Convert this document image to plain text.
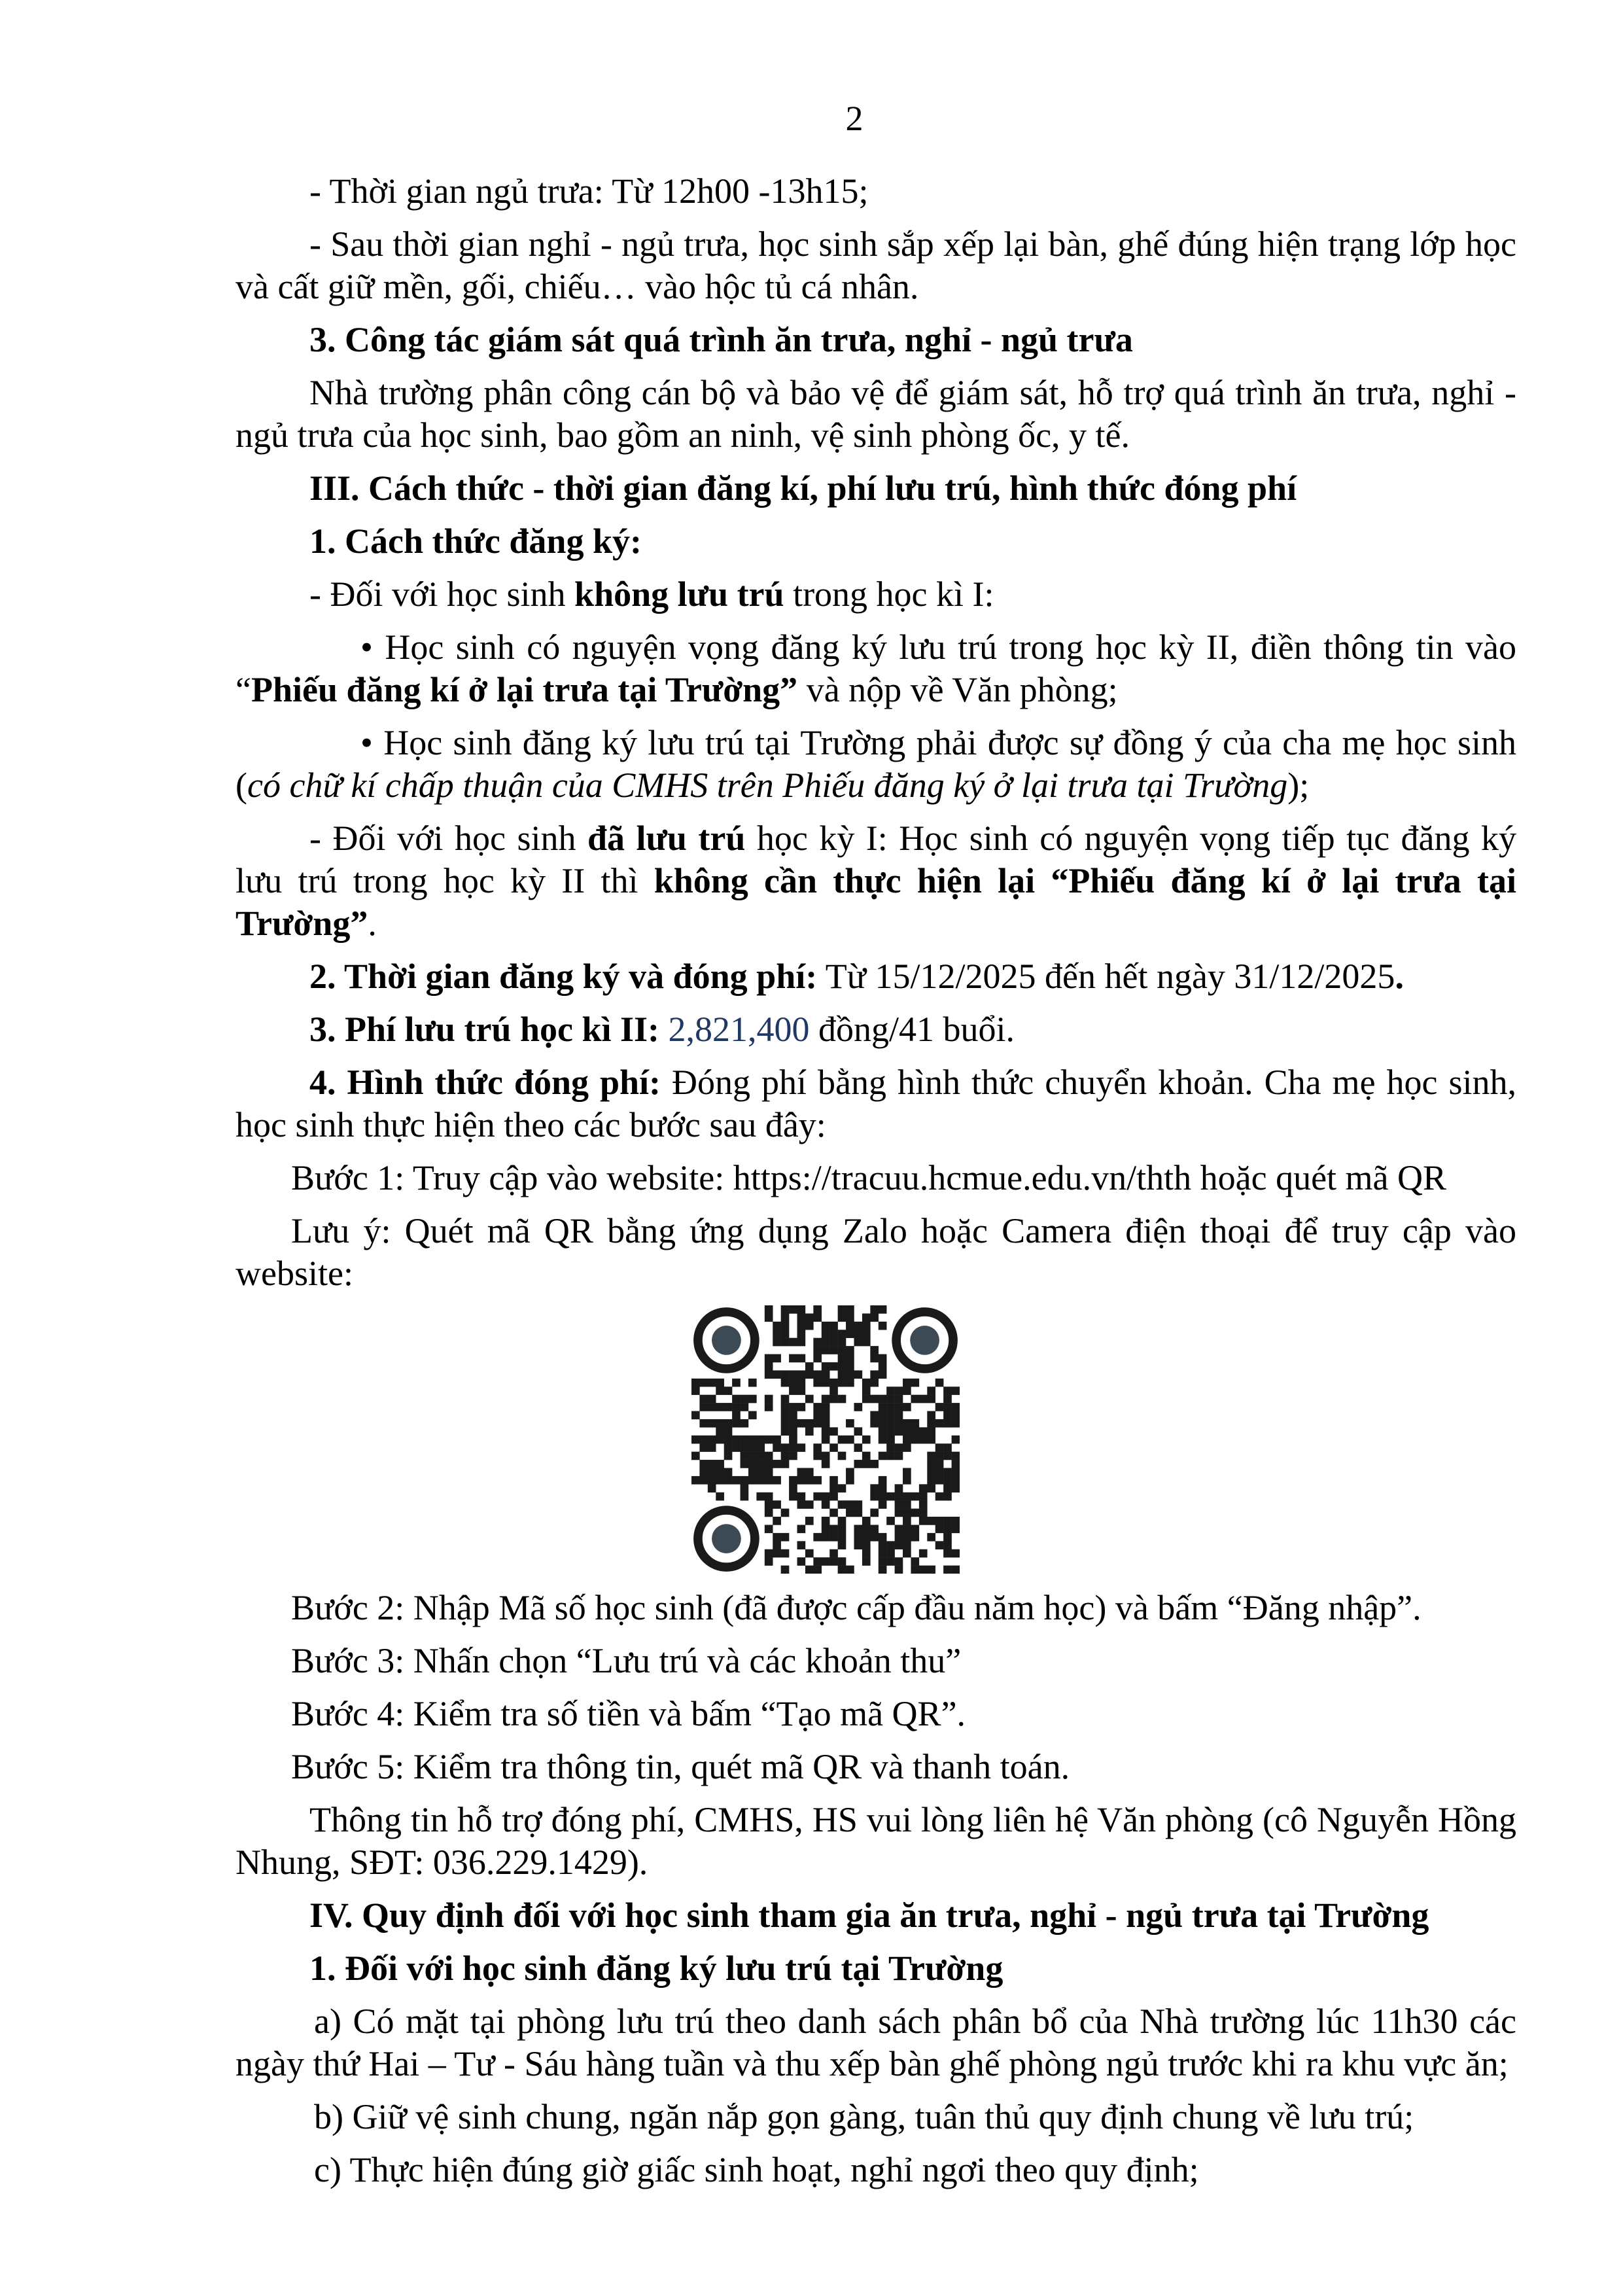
2
- Thời gian ngủ trưa: Từ 12h00 -13h15;
- Sau thời gian nghỉ - ngủ trưa, học sinh sắp xếp lại bàn, ghế đúng hiện trạng lớp học và cất giữ mền, gối, chiếu… vào hộc tủ cá nhân.
3. Công tác giám sát quá trình ăn trưa, nghỉ - ngủ trưa
Nhà trường phân công cán bộ và bảo vệ để giám sát, hỗ trợ quá trình ăn trưa, nghỉ - ngủ trưa của học sinh, bao gồm an ninh, vệ sinh phòng ốc, y tế.
III. Cách thức - thời gian đăng kí, phí lưu trú, hình thức đóng phí
1. Cách thức đăng ký:
- Đối với học sinh không lưu trú trong học kì I:
• Học sinh có nguyện vọng đăng ký lưu trú trong học kỳ II, điền thông tin vào “Phiếu đăng kí ở lại trưa tại Trường” và nộp về Văn phòng;
• Học sinh đăng ký lưu trú tại Trường phải được sự đồng ý của cha mẹ học sinh (có chữ kí chấp thuận của CMHS trên Phiếu đăng ký ở lại trưa tại Trường);
- Đối với học sinh đã lưu trú học kỳ I: Học sinh có nguyện vọng tiếp tục đăng ký lưu trú trong học kỳ II thì không cần thực hiện lại “Phiếu đăng kí ở lại trưa tại Trường”.
2. Thời gian đăng ký và đóng phí: Từ 15/12/2025 đến hết ngày 31/12/2025.
3. Phí lưu trú học kì II: 2,821,400 đồng/41 buổi.
4. Hình thức đóng phí: Đóng phí bằng hình thức chuyển khoản. Cha mẹ học sinh, học sinh thực hiện theo các bước sau đây:
Bước 1: Truy cập vào website: https://tracuu.hcmue.edu.vn/thth hoặc quét mã QR
Lưu ý: Quét mã QR bằng ứng dụng Zalo hoặc Camera điện thoại để truy cập vào website:
Bước 2: Nhập Mã số học sinh (đã được cấp đầu năm học) và bấm “Đăng nhập”.
Bước 3: Nhấn chọn “Lưu trú và các khoản thu”
Bước 4: Kiểm tra số tiền và bấm “Tạo mã QR”.
Bước 5: Kiểm tra thông tin, quét mã QR và thanh toán.
Thông tin hỗ trợ đóng phí, CMHS, HS vui lòng liên hệ Văn phòng (cô Nguyễn Hồng Nhung, SĐT: 036.229.1429).
IV. Quy định đối với học sinh tham gia ăn trưa, nghỉ - ngủ trưa tại Trường
1. Đối với học sinh đăng ký lưu trú tại Trường
a) Có mặt tại phòng lưu trú theo danh sách phân bổ của Nhà trường lúc 11h30 các ngày thứ Hai – Tư - Sáu hàng tuần và thu xếp bàn ghế phòng ngủ trước khi ra khu vực ăn;
b) Giữ vệ sinh chung, ngăn nắp gọn gàng, tuân thủ quy định chung về lưu trú;
c) Thực hiện đúng giờ giấc sinh hoạt, nghỉ ngơi theo quy định;
